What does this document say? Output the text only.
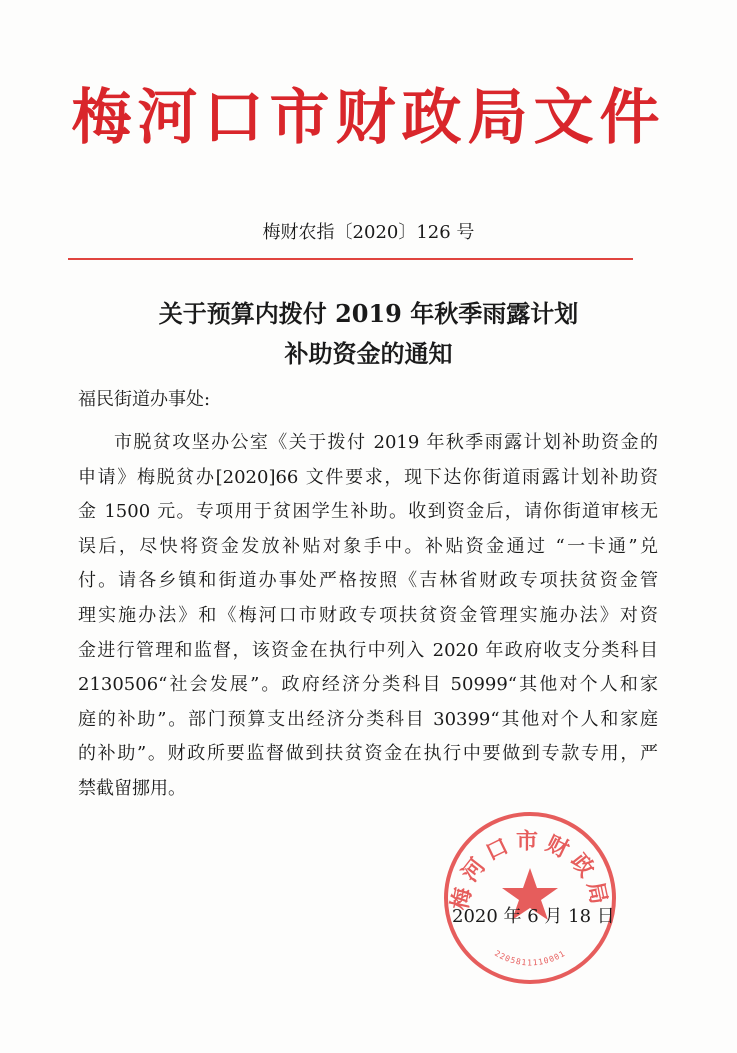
梅河口市财政局文件
梅财农指〔2020〕126 号
关于预算内拨付 2019 年秋季雨露计划
补助资金的通知
福民街道办事处:
市脱贫攻坚办公室《关于拨付 2019 年秋季雨露计划补助资金的
申请》梅脱贫办[2020]66 文件要求，现下达你街道雨露计划补助资
金 1500 元。专项用于贫困学生补助。收到资金后，请你街道审核无
误后，尽快将资金发放补贴对象手中。补贴资金通过 “一卡通”兑
付。请各乡镇和街道办事处严格按照《吉林省财政专项扶贫资金管
理实施办法》和《梅河口市财政专项扶贫资金管理实施办法》对资
金进行管理和监督，该资金在执行中列入 2020 年政府收支分类科目
2130506“社会发展”。政府经济分类科目 50999“其他对个人和家
庭的补助”。部门预算支出经济分类科目 30399“其他对个人和家庭
的补助”。财政所要监督做到扶贫资金在执行中要做到专款专用，严
禁截留挪用。
梅河口市财政局
2205811110001
2020 年 6 月 18 日
